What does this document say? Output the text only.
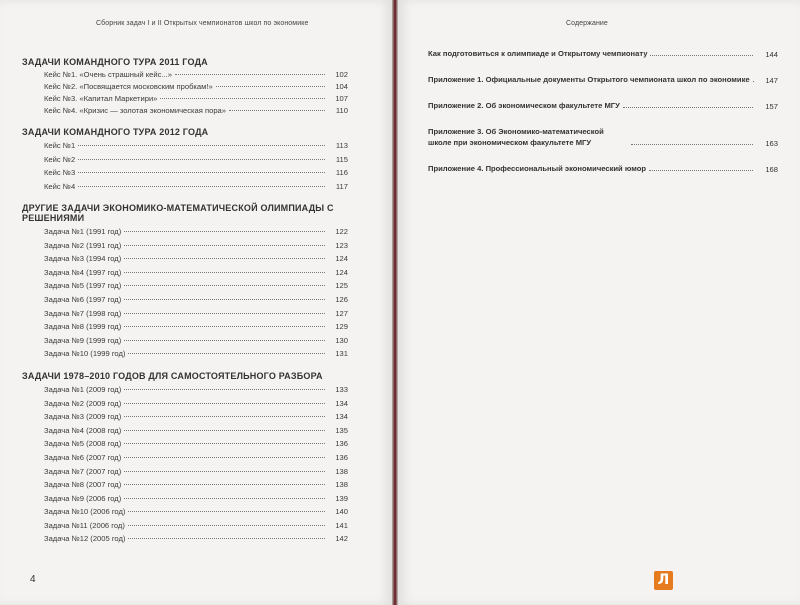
Сборник задач I и II Открытых чемпионатов школ по экономике
ЗАДАЧИ КОМАНДНОГО ТУРА 2011 ГОДА
Кейс №1. «Очень страшный кейс...»	102
Кейс №2. «Посвящается московским пробкам!»	104
Кейс №3. «Капитал Маркетири»	107
Кейс №4. «Кризис — золотая экономическая пора»	110
ЗАДАЧИ КОМАНДНОГО ТУРА 2012 ГОДА
Кейс №1	113
Кейс №2	115
Кейс №3	116
Кейс №4	117
ДРУГИЕ ЗАДАЧИ ЭКОНОМИКО-МАТЕМАТИЧЕСКОЙ ОЛИМПИАДЫ С РЕШЕНИЯМИ
Задача №1 (1991 год)	122
Задача №2 (1991 год)	123
Задача №3 (1994 год)	124
Задача №4 (1997 год)	124
Задача №5 (1997 год)	125
Задача №6 (1997 год)	126
Задача №7 (1998 год)	127
Задача №8 (1999 год)	129
Задача №9 (1999 год)	130
Задача №10 (1999 год)	131
ЗАДАЧИ 1978–2010 ГОДОВ ДЛЯ САМОСТОЯТЕЛЬНОГО РАЗБОРА
Задача №1 (2009 год)	133
Задача №2 (2009 год)	134
Задача №3 (2009 год)	134
Задача №4 (2008 год)	135
Задача №5 (2008 год)	136
Задача №6 (2007 год)	136
Задача №7 (2007 год)	138
Задача №8 (2007 год)	138
Задача №9 (2006 год)	139
Задача №10 (2006 год)	140
Задача №11 (2006 год)	141
Задача №12 (2005 год)	142
4
Содержание
Как подготовиться к олимпиаде и Открытому чемпионату	144
Приложение 1. Официальные документы Открытого чемпионата школ по экономике	147
Приложение 2. Об экономическом факультете МГУ	157
Приложение 3. Об Экономико-математической школе при экономическом факультете МГУ	163
Приложение 4. Профессиональный экономический юмор	168
Л
